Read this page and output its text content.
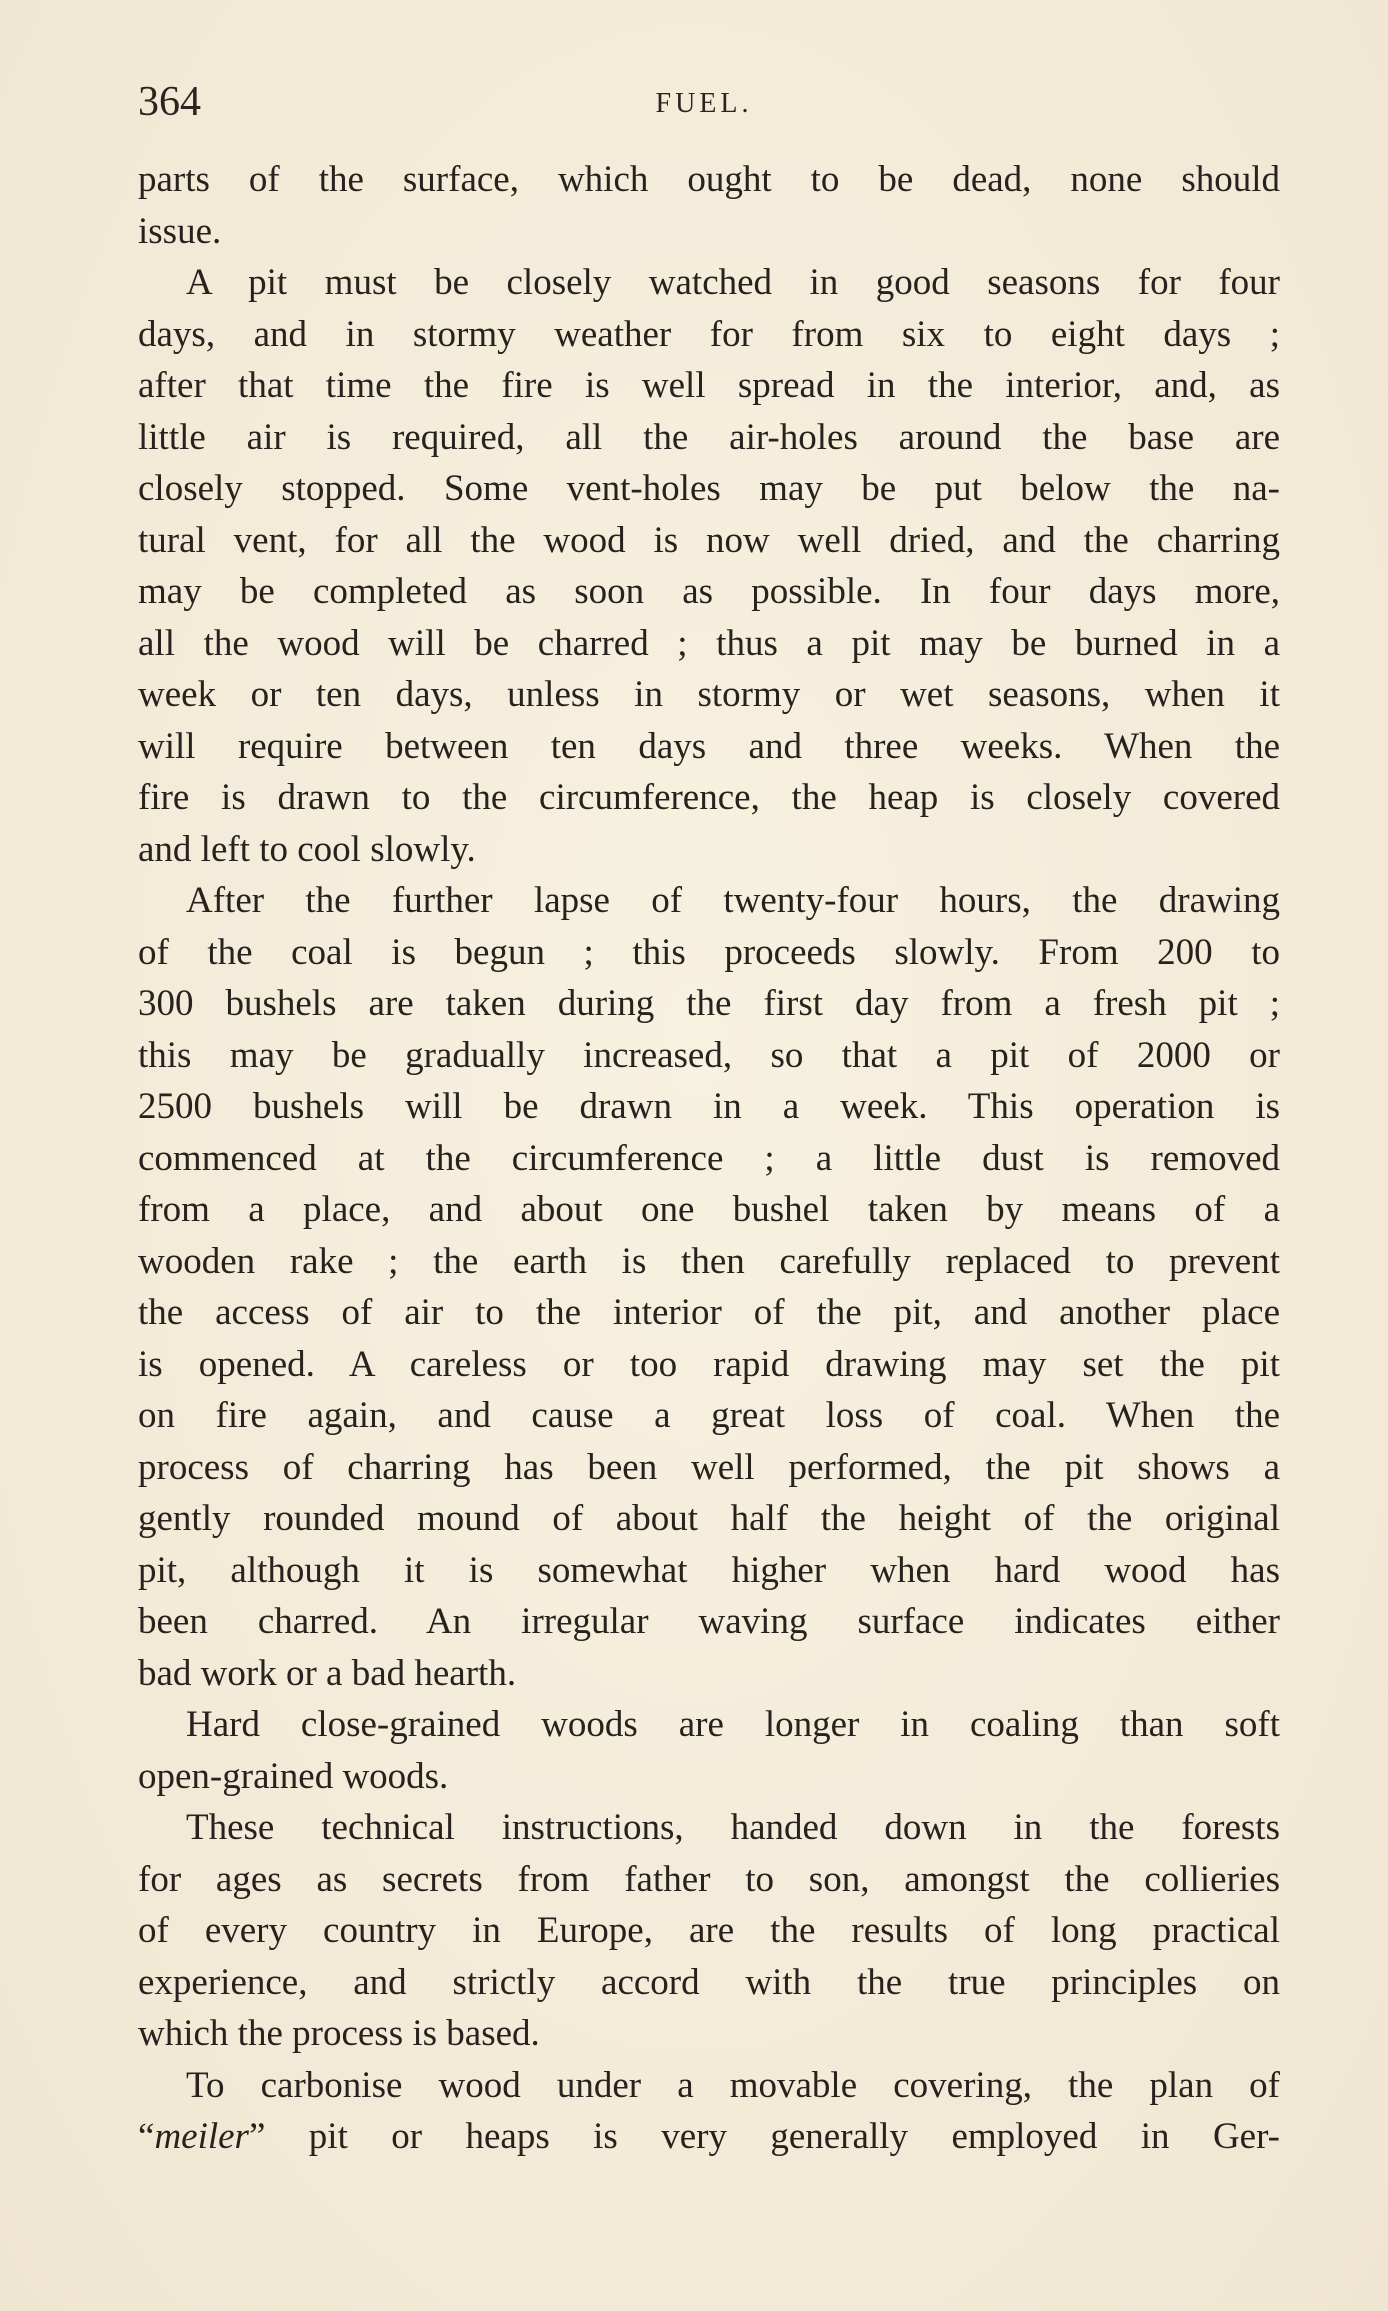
364	FUEL.
parts of the surface, which ought to be dead, none should
issue.
A pit must be closely watched in good seasons for four
days, and in stormy weather for from six to eight days ;
after that time the fire is well spread in the interior, and, as
little air is required, all the air-holes around the base are
closely stopped. Some vent-holes may be put below the na-
tural vent, for all the wood is now well dried, and the charring
may be completed as soon as possible. In four days more,
all the wood will be charred ; thus a pit may be burned in a
week or ten days, unless in stormy or wet seasons, when it
will require between ten days and three weeks. When the
fire is drawn to the circumference, the heap is closely covered
and left to cool slowly.
After the further lapse of twenty-four hours, the drawing
of the coal is begun ; this proceeds slowly. From 200 to
300 bushels are taken during the first day from a fresh pit ;
this may be gradually increased, so that a pit of 2000 or
2500 bushels will be drawn in a week. This operation is
commenced at the circumference ; a little dust is removed
from a place, and about one bushel taken by means of a
wooden rake ; the earth is then carefully replaced to prevent
the access of air to the interior of the pit, and another place
is opened. A careless or too rapid drawing may set the pit
on fire again, and cause a great loss of coal. When the
process of charring has been well performed, the pit shows a
gently rounded mound of about half the height of the original
pit, although it is somewhat higher when hard wood has
been charred. An irregular waving surface indicates either
bad work or a bad hearth.
Hard close-grained woods are longer in coaling than soft
open-grained woods.
These technical instructions, handed down in the forests
for ages as secrets from father to son, amongst the collieries
of every country in Europe, are the results of long practical
experience, and strictly accord with the true principles on
which the process is based.
To carbonise wood under a movable covering, the plan of
“meiler” pit or heaps is very generally employed in Ger-
